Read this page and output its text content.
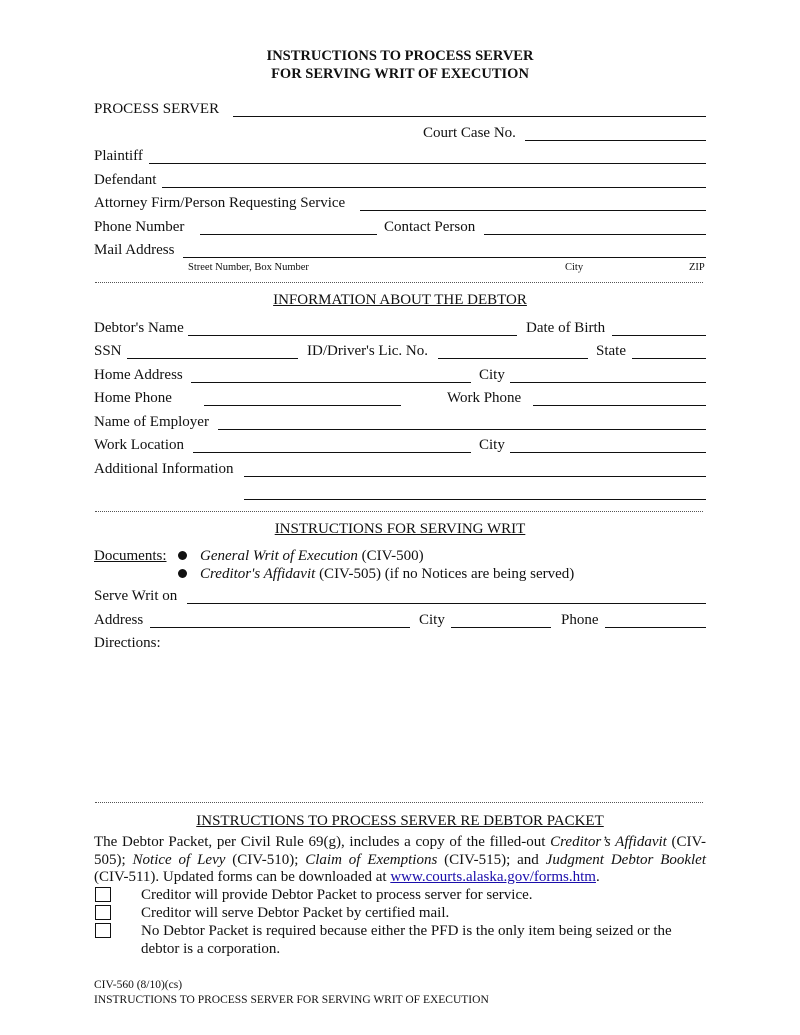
INSTRUCTIONS TO PROCESS SERVER
FOR SERVING WRIT OF EXECUTION
PROCESS SERVER
Court Case No.
Plaintiff
Defendant
Attorney Firm/Person Requesting Service
Phone Number	Contact Person
Mail Address
Street Number, Box Number	City	ZIP
INFORMATION ABOUT THE DEBTOR
Debtor's Name	Date of Birth
SSN	ID/Driver's Lic. No.	State
Home Address	City
Home Phone	Work Phone
Name of Employer
Work Location	City
Additional Information
INSTRUCTIONS FOR SERVING WRIT
Documents: General Writ of Execution (CIV-500)
Creditor's Affidavit (CIV-505) (if no Notices are being served)
Serve Writ on
Address	City	Phone
Directions:
INSTRUCTIONS TO PROCESS SERVER RE DEBTOR PACKET
The Debtor Packet, per Civil Rule 69(g), includes a copy of the filled-out Creditor’s Affidavit (CIV-505); Notice of Levy (CIV-510); Claim of Exemptions (CIV-515); and Judgment Debtor Booklet (CIV-511). Updated forms can be downloaded at www.courts.alaska.gov/forms.htm.
Creditor will provide Debtor Packet to process server for service.
Creditor will serve Debtor Packet by certified mail.
No Debtor Packet is required because either the PFD is the only item being seized or the
debtor is a corporation.
CIV-560 (8/10)(cs)
INSTRUCTIONS TO PROCESS SERVER FOR SERVING WRIT OF EXECUTION
